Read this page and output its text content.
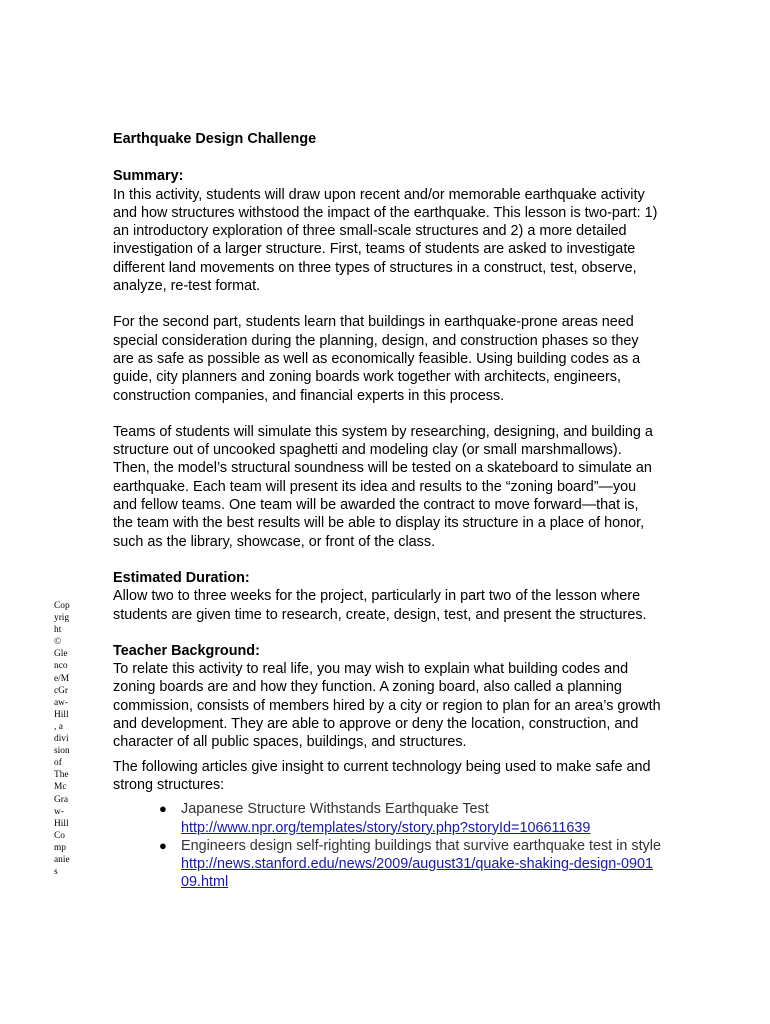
Cop
yrig
ht
©
Gle
nco
e/M
cGr
aw-
Hill
, a
divi
sion
of
The
Mc
Gra
w-
Hill
Co
mp
anie
s

Earthquake Design Challenge

Summary:

In this activity, students will draw upon recent and/or memorable earthquake activity and how structures withstood the impact of the earthquake. This lesson is two-part: 1) an introductory exploration of three small-scale structures and 2) a more detailed investigation of a larger structure. First, teams of students are asked to investigate different land movements on three types of structures in a construct, test, observe, analyze, re-test format.

For the second part, students learn that buildings in earthquake-prone areas need special consideration during the planning, design, and construction phases so they are as safe as possible as well as economically feasible. Using building codes as a guide, city planners and zoning boards work together with architects, engineers, construction companies, and financial experts in this process.

Teams of students will simulate this system by researching, designing, and building a structure out of uncooked spaghetti and modeling clay (or small marshmallows). Then, the model’s structural soundness will be tested on a skateboard to simulate an earthquake. Each team will present its idea and results to the “zoning board”—you and fellow teams. One team will be awarded the contract to move forward—that is, the team with the best results will be able to display its structure in a place of honor, such as the library, showcase, or front of the class.

Estimated Duration:

Allow two to three weeks for the project, particularly in part two of the lesson where students are given time to research, create, design, test, and present the structures.

Teacher Background:

To relate this activity to real life, you may wish to explain what building codes and zoning boards are and how they function. A zoning board, also called a planning commission, consists of members hired by a city or region to plan for an area’s growth and development. They are able to approve or deny the location, construction, and character of all public spaces, buildings, and structures.

The following articles give insight to current technology being used to make safe and strong structures:

● Japanese Structure Withstands Earthquake Test
http://www.npr.org/templates/story/story.php?storyId=106611639
● Engineers design self-righting buildings that survive earthquake test in style
http://news.stanford.edu/news/2009/august31/quake-shaking-design-090109.html
